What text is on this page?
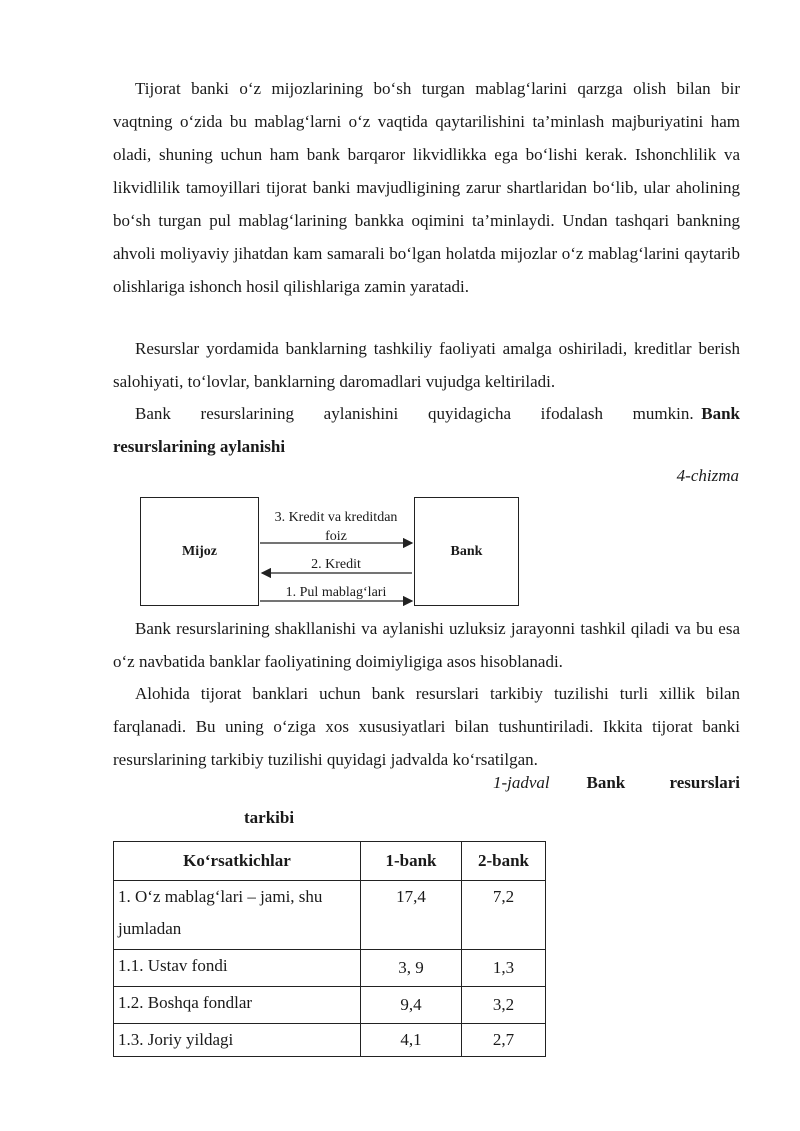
Tijorat banki o‘z mijozlarining bo‘sh turgan mablag‘larini qarzga olish bilan bir vaqtning o‘zida bu mablag‘larni o‘z vaqtida qaytarilishini ta’minlash majburiyatini ham oladi, shuning uchun ham bank barqaror likvidlikka ega bo‘lishi kerak. Ishonchlilik va likvidlilik tamoyillari tijorat banki mavjudligining zarur shartlaridan bo‘lib, ular aholining bo‘sh turgan pul mablag‘larining bankka oqimini ta’minlaydi. Undan tashqari bankning ahvoli moliyaviy jihatdan kam samarali bo‘lgan holatda mijozlar o‘z mablag‘larini qaytarib olishlariga ishonch hosil qilishlariga zamin yaratadi.

Resurslar yordamida banklarning tashkiliy faoliyati amalga oshiriladi, kreditlar berish salohiyati, to‘lovlar, banklarning daromadlari vujudga keltiriladi.

Bank resurslarining aylanishini quyidagicha ifodalash mumkin. Bank resurslarining aylanishi

4-chizma
Mijoz	Bank
3. Kredit va kreditdan foiz
2. Kredit
1. Pul mablag‘lari

Bank resurslarining shakllanishi va aylanishi uzluksiz jarayonni tashkil qiladi va bu esa o‘z navbatida banklar faoliyatining doimiyligiga asos hisoblanadi.

Alohida tijorat banklari uchun bank resurslari tarkibiy tuzilishi turli xillik bilan farqlanadi. Bu uning o‘ziga xos xususiyatlari bilan tushuntiriladi. Ikkita tijorat banki resurslarining tarkibiy tuzilishi quyidagi jadvalda ko‘rsatilgan.

1-jadval Bank resurslari
tarkibi
Ko‘rsatkichlar	1-bank	2-bank
1. O‘z mablag‘lari – jami, shu jumladan	17,4	7,2
1.1. Ustav fondi	3, 9	1,3
1.2. Boshqa fondlar	9,4	3,2
1.3. Joriy yildagi	4,1	2,7
